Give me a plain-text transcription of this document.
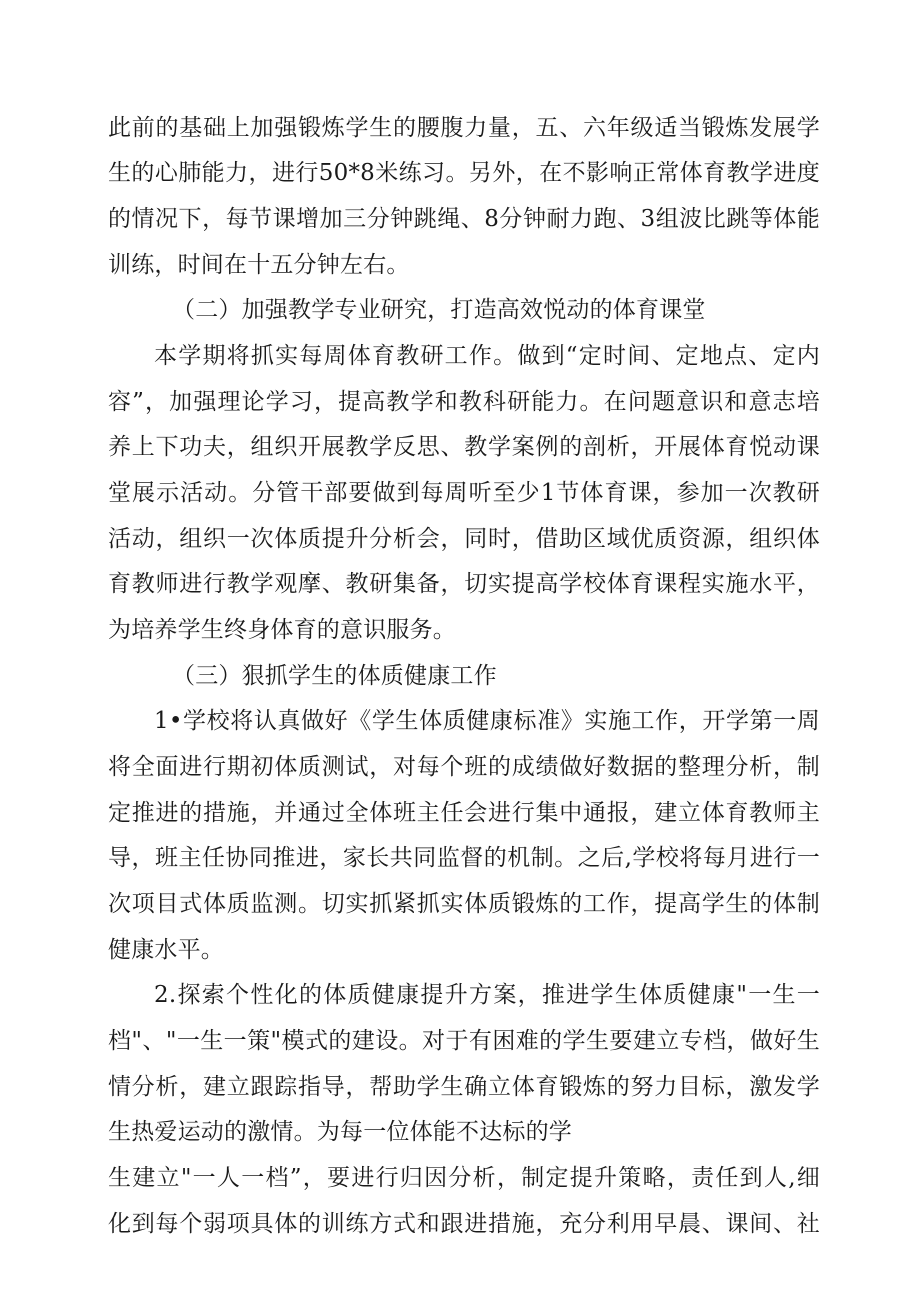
此前的基础上加强锻炼学生的腰腹力量，五、六年级适当锻炼发展学
生的心肺能力，进行50*8米练习。另外，在不影响正常体育教学进度
的情况下，每节课增加三分钟跳绳、8分钟耐力跑、3组波比跳等体能
训练，时间在十五分钟左右。
（二）加强教学专业研究，打造高效悦动的体育课堂
本学期将抓实每周体育教研工作。做到“定时间、定地点、定内
容”，加强理论学习，提高教学和教科研能力。在问题意识和意志培
养上下功夫，组织开展教学反思、教学案例的剖析，开展体育悦动课
堂展示活动。分管干部要做到每周听至少1节体育课，参加一次教研
活动，组织一次体质提升分析会，同时，借助区域优质资源，组织体
育教师进行教学观摩、教研集备，切实提高学校体育课程实施水平，
为培养学生终身体育的意识服务。
（三）狠抓学生的体质健康工作
1•学校将认真做好《学生体质健康标准》实施工作，开学第一周
将全面进行期初体质测试，对每个班的成绩做好数据的整理分析，制
定推进的措施，并通过全体班主任会进行集中通报，建立体育教师主
导，班主任协同推进，家长共同监督的机制。之后,学校将每月进行一
次项目式体质监测。切实抓紧抓实体质锻炼的工作，提高学生的体制
健康水平。
2.探索个性化的体质健康提升方案，推进学生体质健康"一生一
档"、"一生一策"模式的建设。对于有困难的学生要建立专档，做好生
情分析，建立跟踪指导，帮助学生确立体育锻炼的努力目标，激发学
生热爱运动的激情。为每一位体能不达标的学
生建立"一人一档”，要进行归因分析，制定提升策略，责任到人,细
化到每个弱项具体的训练方式和跟进措施，充分利用早晨、课间、社
